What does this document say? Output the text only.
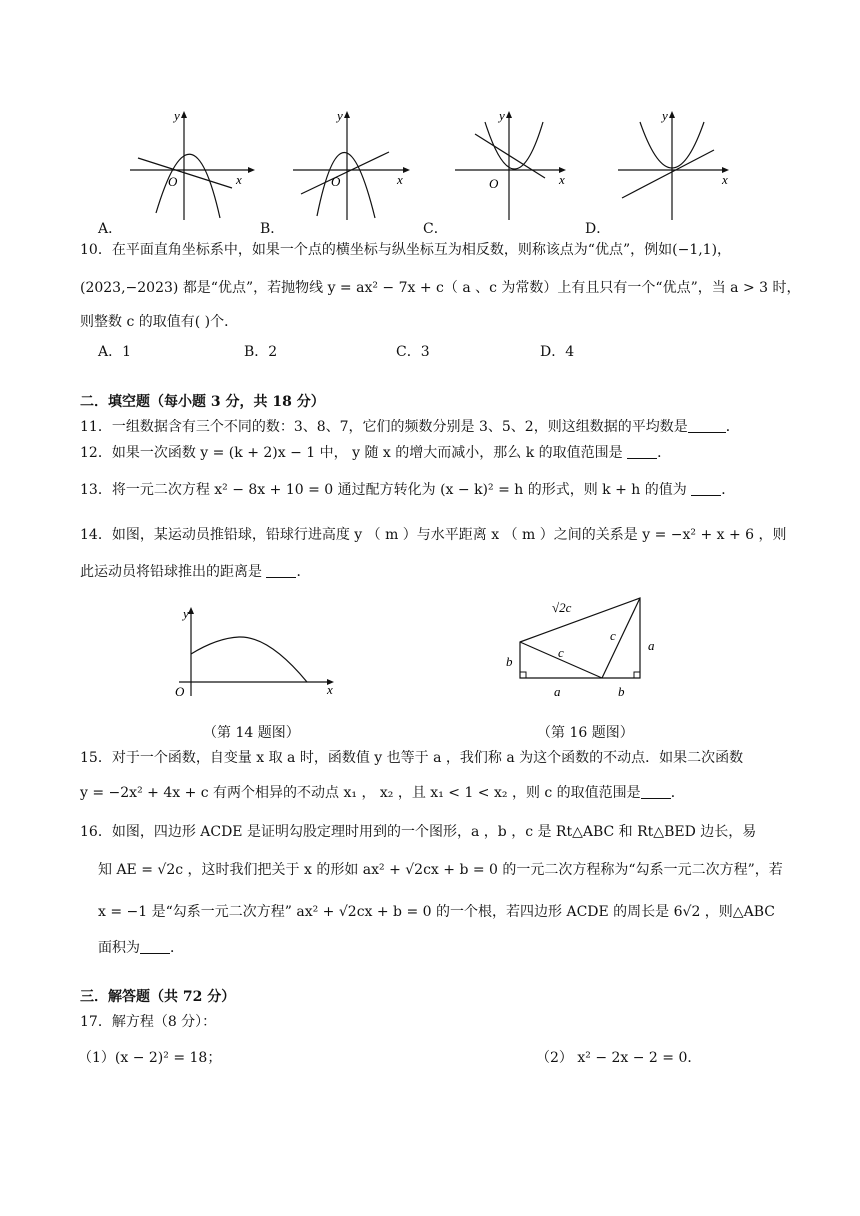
y
x
O
y
x
O
y
x
O
y
x
A．	B．	C．	D．
10．在平面直角坐标系中，如果一个点的横坐标与纵坐标互为相反数，则称该点为“优点”，例如(−1,1)，
(2023,−2023) 都是“优点”，若抛物线 y = ax² − 7x + c（ a 、c 为常数）上有且只有一个“优点”，当 a > 3 时，
则整数 c 的取值有( )个．
A．1	B．2	C．3	D．4
二．填空题（每小题 3 分，共 18 分）
11．一组数据含有三个不同的数：3、8、7，它们的频数分别是 3、5、2，则这组数据的平均数是	．
12．如果一次函数 y = (k + 2)x − 1 中， y 随 x 的增大而减小，那么 k 的取值范围是 ．
13．将一元二次方程 x² − 8x + 10 = 0 通过配方转化为 (x − k)² = h 的形式，则 k + h 的值为 ．
14．如图，某运动员推铅球，铅球行进高度 y （ m ）与水平距离 x （ m ）之间的关系是 y = −x² + x + 6 ，则
此运动员将铅球推出的距离是 ．
y
x
O
（第 14 题图）
√2c
c
c
a
b
a	b
（第 16 题图）
15．对于一个函数，自变量 x 取 a 时，函数值 y 也等于 a ，我们称 a 为这个函数的不动点．如果二次函数
y = −2x² + 4x + c 有两个相异的不动点 x₁ ， x₂ ，且 x₁ < 1 < x₂ ，则 c 的取值范围是 ．
16．如图，四边形 ACDE 是证明勾股定理时用到的一个图形，a ，b ，c 是 Rt△ABC 和 Rt△BED 边长，易
知 AE = √2c ，这时我们把关于 x 的形如 ax² + √2cx + b = 0 的一元二次方程称为“勾系一元二次方程”，若
x = −1 是“勾系一元二次方程” ax² + √2cx + b = 0 的一个根，若四边形 ACDE 的周长是 6√2 ，则△ABC
面积为 ．
三．解答题（共 72 分）
17．解方程（8 分）：
（1）(x − 2)² = 18；	（2） x² − 2x − 2 = 0．
